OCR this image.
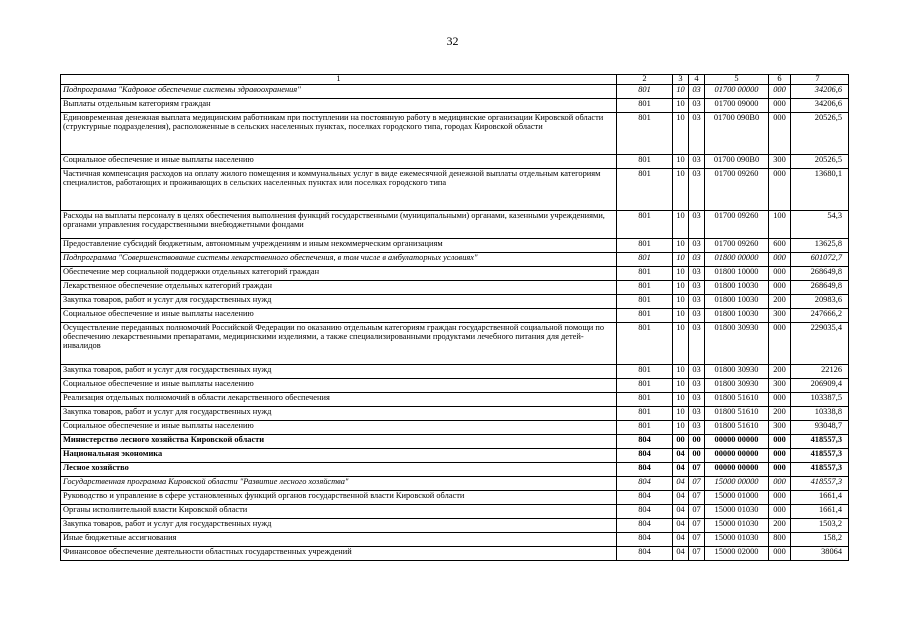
32
1	2	3	4	5	6	7
Подпрограмма "Кадровое обеспечение системы здравоохранения"	801	10	03	01700 00000	000	34206,6
Выплаты отдельным категориям граждан	801	10	03	01700 09000	000	34206,6
Единовременная денежная выплата медицинским работникам при поступлении на постоянную работу в медицинские организации Кировской области (структурные подразделения), расположенные в сельских населенных пунктах, поселках городского типа, городах Кировской области	801	10	03	01700 090В0	000	20526,5
Социальное обеспечение и иные выплаты населению	801	10	03	01700 090В0	300	20526,5
Частичная компенсация расходов на оплату жилого помещения и коммунальных услуг в виде ежемесячной денежной выплаты отдельным категориям специалистов, работающих и проживающих в сельских населенных пунктах или поселках городского типа	801	10	03	01700 09260	000	13680,1
Расходы на выплаты персоналу в целях обеспечения выполнения функций государственными (муниципальными) органами, казенными учреждениями, органами управления государственными внебюджетными фондами	801	10	03	01700 09260	100	54,3
Предоставление субсидий бюджетным, автономным учреждениям и иным некоммерческим организациям	801	10	03	01700 09260	600	13625,8
Подпрограмма "Совершенствование системы лекарственного обеспечения, в том числе в амбулаторных условиях"	801	10	03	01800 00000	000	601072,7
Обеспечение мер социальной поддержки отдельных категорий граждан	801	10	03	01800 10000	000	268649,8
Лекарственное обеспечение отдельных категорий граждан	801	10	03	01800 10030	000	268649,8
Закупка товаров, работ и услуг для государственных нужд	801	10	03	01800 10030	200	20983,6
Социальное обеспечение и иные выплаты населению	801	10	03	01800 10030	300	247666,2
Осуществление переданных полномочий Российской Федерации по оказанию отдельным категориям граждан государственной социальной помощи по обеспечению лекарственными препаратами, медицинскими изделиями, а также специализированными продуктами лечебного питания для детей-инвалидов	801	10	03	01800 30930	000	229035,4
Закупка товаров, работ и услуг для государственных нужд	801	10	03	01800 30930	200	22126
Социальное обеспечение и иные выплаты населению	801	10	03	01800 30930	300	206909,4
Реализация отдельных полномочий в области лекарственного обеспечения	801	10	03	01800 51610	000	103387,5
Закупка товаров, работ и услуг для государственных нужд	801	10	03	01800 51610	200	10338,8
Социальное обеспечение и иные выплаты населению	801	10	03	01800 51610	300	93048,7
Министерство лесного хозяйства Кировской области	804	00	00	00000 00000	000	418557,3
Национальная экономика	804	04	00	00000 00000	000	418557,3
Лесное хозяйство	804	04	07	00000 00000	000	418557,3
Государственная программа Кировской области "Развитие лесного хозяйства"	804	04	07	15000 00000	000	418557,3
Руководство и управление в сфере установленных функций органов государственной власти Кировской области	804	04	07	15000 01000	000	1661,4
Органы исполнительной власти Кировской области	804	04	07	15000 01030	000	1661,4
Закупка товаров, работ и услуг для государственных нужд	804	04	07	15000 01030	200	1503,2
Иные бюджетные ассигнования	804	04	07	15000 01030	800	158,2
Финансовое обеспечение деятельности областных государственных учреждений	804	04	07	15000 02000	000	38064
